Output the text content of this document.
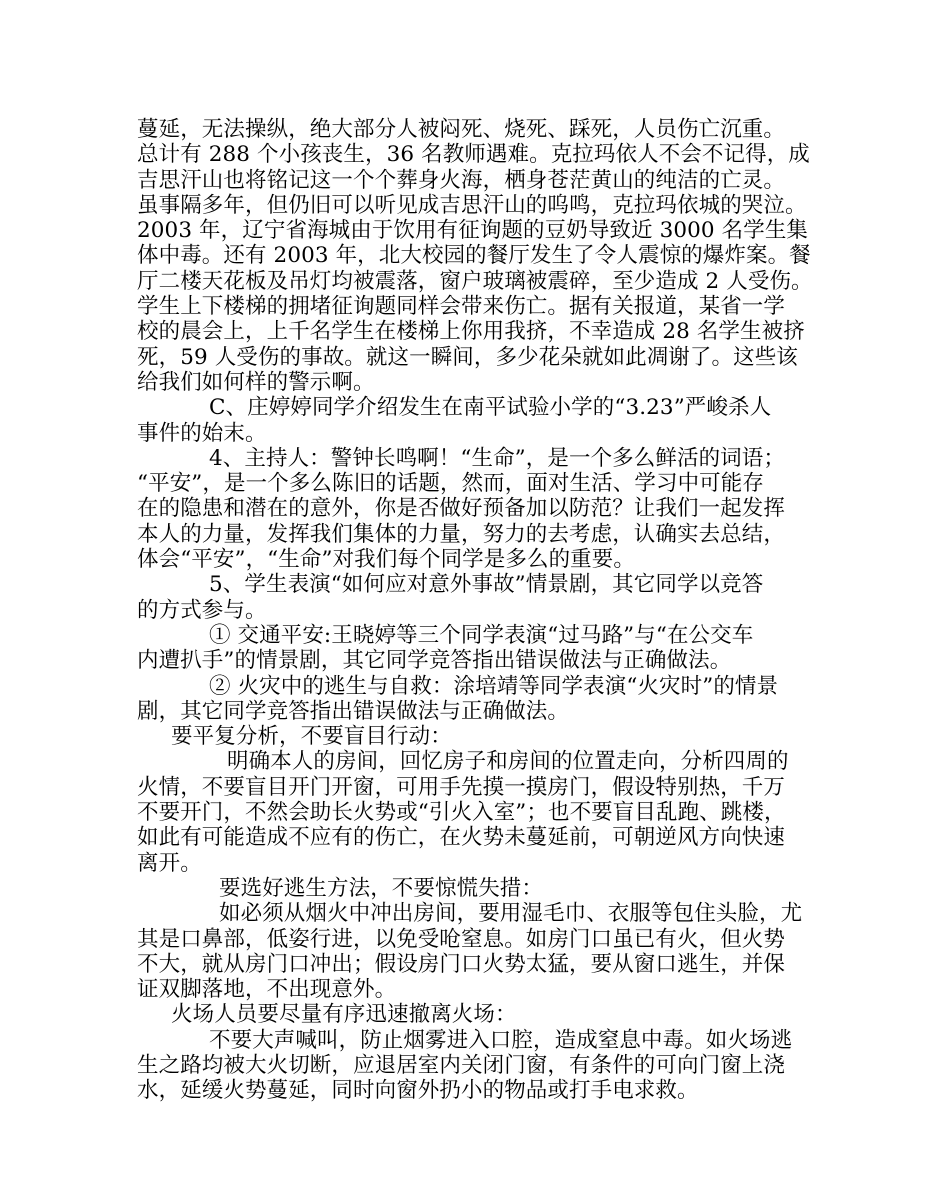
蔓延，无法操纵，绝大部分人被闷死、烧死、踩死，人员伤亡沉重。
总计有 288 个小孩丧生，36 名教师遇难。克拉玛依人不会不记得，成
吉思汗山也将铭记这一个个葬身火海，栖身苍茫黄山的纯洁的亡灵。
虽事隔多年，但仍旧可以听见成吉思汗山的呜鸣，克拉玛依城的哭泣。
2003 年，辽宁省海城由于饮用有征询题的豆奶导致近 3000 名学生集
体中毒。还有 2003 年，北大校园的餐厅发生了令人震惊的爆炸案。餐
厅二楼天花板及吊灯均被震落，窗户玻璃被震碎，至少造成 2 人受伤。
学生上下楼梯的拥堵征询题同样会带来伤亡。据有关报道，某省一学
校的晨会上，上千名学生在楼梯上你用我挤，不幸造成 28 名学生被挤
死，59 人受伤的事故。就这一瞬间，多少花朵就如此凋谢了。这些该
给我们如何样的警示啊。
C、庄婷婷同学介绍发生在南平试验小学的“3.23”严峻杀人
事件的始末。
4、主持人：警钟长鸣啊！“生命”，是一个多么鲜活的词语；
“平安”，是一个多么陈旧的话题，然而，面对生活、学习中可能存
在的隐患和潜在的意外，你是否做好预备加以防范？让我们一起发挥
本人的力量，发挥我们集体的力量，努力的去考虑，认确实去总结，
体会“平安”，“生命”对我们每个同学是多么的重要。
5、学生表演“如何应对意外事故”情景剧，其它同学以竞答
的方式参与。
① 交通平安:王晓婷等三个同学表演“过马路”与“在公交车
内遭扒手”的情景剧，其它同学竞答指出错误做法与正确做法。
② 火灾中的逃生与自救：涂培靖等同学表演“火灾时”的情景
剧，其它同学竞答指出错误做法与正确做法。
要平复分析，不要盲目行动：
明确本人的房间，回忆房子和房间的位置走向，分析四周的
火情，不要盲目开门开窗，可用手先摸一摸房门，假设特别热，千万
不要开门，不然会助长火势或“引火入室”；也不要盲目乱跑、跳楼，
如此有可能造成不应有的伤亡，在火势未蔓延前，可朝逆风方向快速
离开。
要选好逃生方法，不要惊慌失措：
如必须从烟火中冲出房间，要用湿毛巾、衣服等包住头脸，尤
其是口鼻部，低姿行进，以免受呛窒息。如房门口虽已有火，但火势
不大，就从房门口冲出；假设房门口火势太猛，要从窗口逃生，并保
证双脚落地，不出现意外。
火场人员要尽量有序迅速撤离火场：
不要大声喊叫，防止烟雾进入口腔，造成窒息中毒。如火场逃
生之路均被大火切断，应退居室内关闭门窗，有条件的可向门窗上浇
水，延缓火势蔓延，同时向窗外扔小的物品或打手电求救。
